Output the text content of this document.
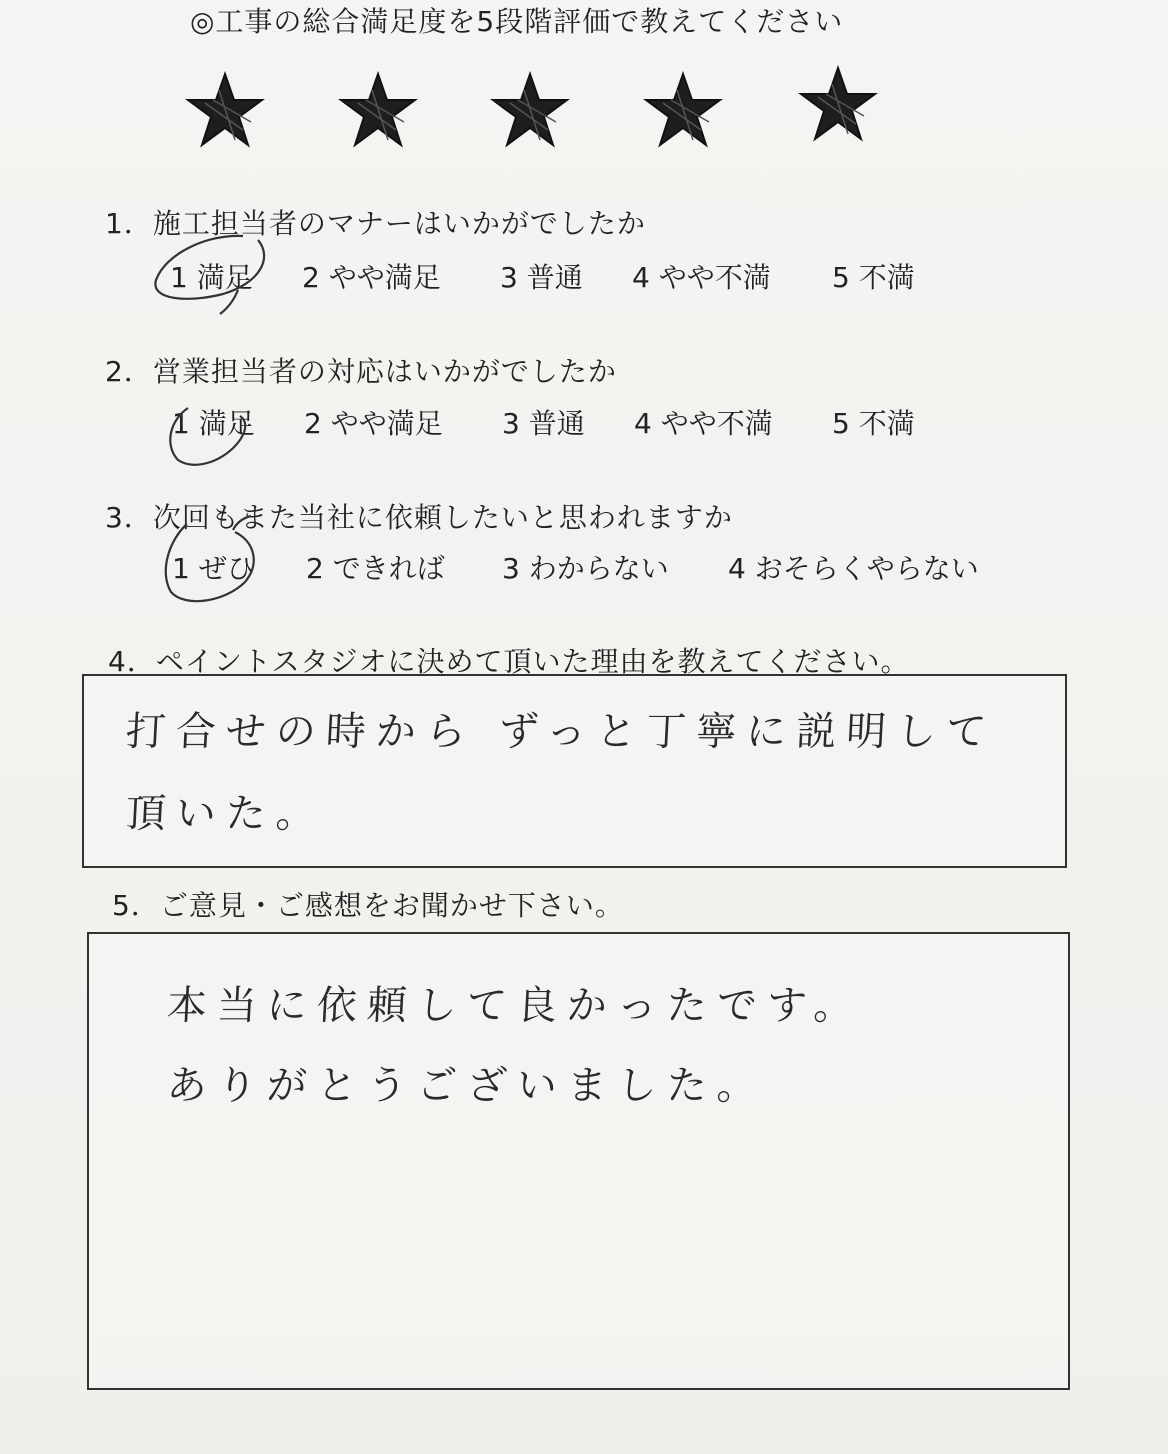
◎工事の総合満足度を5段階評価で教えてください
1．施工担当者のマナーはいかがでしたか
1 満足 2 やや満足 3 普通 4 やや不満 5 不満
2．営業担当者の対応はいかがでしたか
1 満足 2 やや満足 3 普通 4 やや不満 5 不満
3．次回もまた当社に依頼したいと思われますか
1 ぜひ 2 できれば 3 わからない 4 おそらくやらない
4．ペイントスタジオに決めて頂いた理由を教えてください。
打合せの時から ずっと丁寧に説明して
頂いた。
5．ご意見・ご感想をお聞かせ下さい。
本当に依頼して良かったです。
ありがとうございました。
